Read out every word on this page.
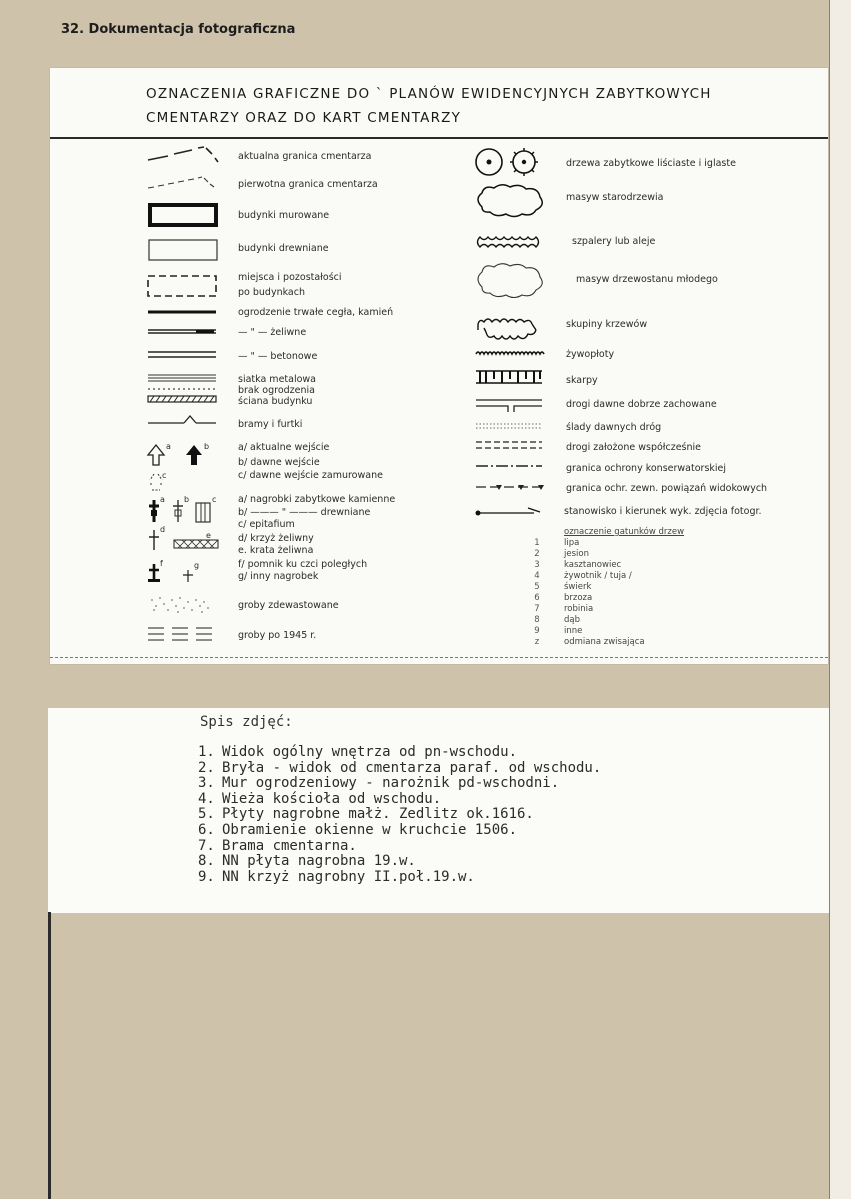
32. Dokumentacja fotograficzna
OZNACZENIA GRAFICZNE DO ` PLANÓW EWIDENCYJNYCH ZABYTKOWYCH
CMENTARZY ORAZ DO KART CMENTARZY
a	b
c
a b	c
d
e
f	g
aktualna granica cmentarza
pierwotna granica cmentarza
budynki murowane
budynki drewniane
miejsca i pozostałości
po budynkach
ogrodzenie trwałe cegła, kamień
— " — żeliwne
— " — betonowe
siatka metalowa
brak ogrodzenia
ściana budynku
bramy i furtki
a/ aktualne wejście
b/ dawne wejście
c/ dawne wejście zamurowane
a/ nagrobki zabytkowe kamienne
b/ ——— " ——— drewniane
c/ epitafium
d/ krzyż żeliwny
e. krata żeliwna
f/ pomnik ku czci poległych
g/ inny nagrobek
groby zdewastowane
groby po 1945 r.
drzewa zabytkowe liściaste i iglaste
masyw starodrzewia
szpalery lub aleje
masyw drzewostanu młodego
skupiny krzewów
żywopłoty
skarpy
drogi dawne dobrze zachowane
ślady dawnych dróg
drogi założone współcześnie
granica ochrony konserwatorskiej
granica ochr. zewn. powiązań widokowych
stanowisko i kierunek wyk. zdjęcia fotogr.
oznaczenie gatunków drzew
1	lipa
2	jesion
3	kasztanowiec
4	żywotnik / tuja /
5	świerk
6	brzoza
7	robinia
8	dąb
9	inne
z	odmiana zwisająca
Spis zdjęć:
1. Widok ogólny wnętrza od pn-wschodu.
2. Bryła - widok od cmentarza paraf. od wschodu.
3. Mur ogrodzeniowy - narożnik pd-wschodni.
4. Wieża kościoła od wschodu.
5. Płyty nagrobne małż. Zedlitz ok.1616.
6. Obramienie okienne w kruchcie 1506.
7. Brama cmentarna.
8. NN płyta nagrobna 19.w.
9. NN krzyż nagrobny II.poł.19.w.
